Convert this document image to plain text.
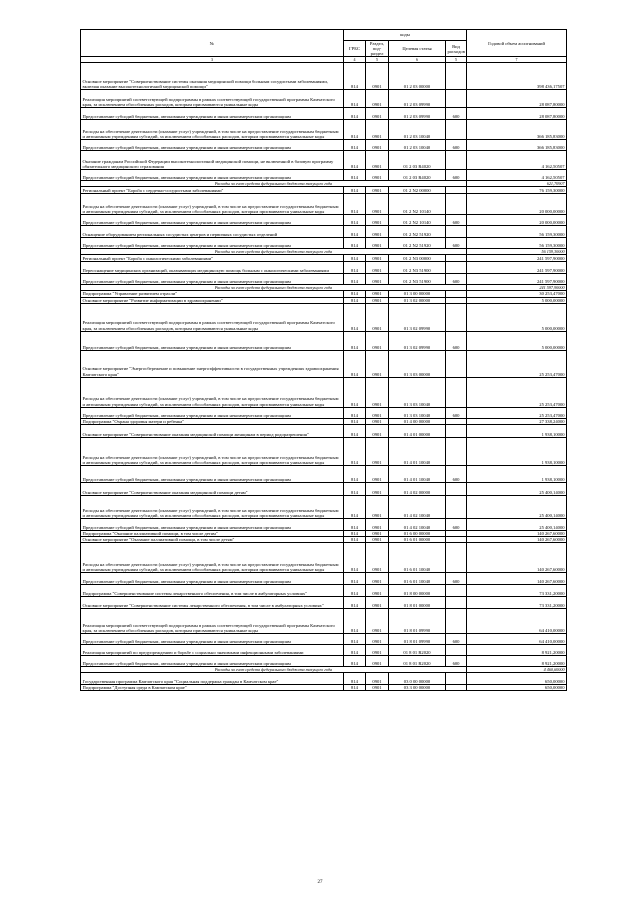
№	коды				Годовой объем ассигнований
	ГРБС	Раздел, под-раздел	Целевая статья	Вид расходов	
3	4	5	6	5	7
Основное мероприятие "Совершенствование системы оказания медицинской помощи больным сосудистыми заболеваниями, включая оказание высокотехнологичной медицинской помощи"	814	0901	01 2 03 00000		398 436,17507
Реализация мероприятий соответствующей подпрограммы в рамках соответствующей государственной программы Камчатского края, за исключением обособленных расходов, которым присваиваются уникальные коды	814	0901	01 2 03 09990		28 087,80000
Предоставление субсидий бюджетным, автономным учреждениям и иным некоммерческим организациям	814	0901	01 2 03 09990	600	28 087,80000
Расходы на обеспечение деятельности (оказание услуг) учреждений, в том числе на предоставление государственным бюджетным и автономным учреждениям субсидий, за исключением обособленных расходов, которым присваиваются уникальные коды	814	0901	01 2 03 10040		366 185,83000
Предоставление субсидий бюджетным, автономным учреждениям и иным некоммерческим организациям	814	0901	01 2 03 10040	600	366 185,83000
Оказание гражданам Российской Федерации высокотехнологичной медицинской помощи, не включенной в базовую программу обязательного медицинского страхования	814	0901	01 2 03 R4020		4 162,50507
Предоставление субсидий бюджетным, автономным учреждениям и иным некоммерческим организациям	814	0901	01 2 03 R4020	600	4 162,50507
Расходы за счет средств федерального бюджета текущего года					621,70907
Региональный проект "Борьба с сердечно-сосудистыми заболеваниями"	814	0901	01 2 N2 00000		76 159,30000
Расходы на обеспечение деятельности (оказание услуг) учреждений, в том числе на предоставление государственным бюджетным и автономным учреждениям субсидий, за исключением обособленных расходов, которым присваиваются уникальные коды	814	0901	01 2 N2 10140		20 000,00000
Предоставление субсидий бюджетным, автономным учреждениям и иным некоммерческим организациям	814	0901	01 2 N2 10140	600	20 000,00000
Оснащение оборудованием региональных сосудистых центров и первичных сосудистых отделений	814	0901	01 2 N2 51920		56 159,30000
Предоставление субсидий бюджетным, автономным учреждениям и иным некоммерческим организациям	814	0901	01 2 N2 51920	600	56 159,30000
Расходы за счет средств федерального бюджета текущего года					56 159,30000
Региональный проект "Борьба с онкологическими заболеваниями"	814	0901	01 2 N3 00000		241 597,90000
Переоснащение медицинских организаций, оказывающих медицинскую помощь больным с онкологическими заболеваниями	814	0901	01 2 N3 51900		241 597,90000
Предоставление субсидий бюджетным, автономным учреждениям и иным некоммерческим организациям	814	0901	01 2 N3 51900	600	241 597,90000
Расходы за счет средств федерального бюджета текущего года					241 597,90000
Подпрограмма "Управление развитием отрасли"	814	0901	01 3 00 00000		30 253,47000
Основное мероприятие "Развитие информатизации в здравоохранении"	814	0901	01 3 02 00000		5 000,00000
Реализация мероприятий соответствующей подпрограммы в рамках соответствующей государственной программы Камчатского края, за исключением обособленных расходов, которым присваиваются уникальные коды	814	0901	01 3 02 09990		5 000,00000
Предоставление субсидий бюджетным, автономным учреждениям и иным некоммерческим организациям	814	0901	01 3 02 09990	600	5 000,00000
Основное мероприятие "Энергосбережение и повышение энергоэффективности в государственных учреждениях здравоохранения Камчатского края"	814	0901	01 3 03 00000		25 253,47000
Расходы на обеспечение деятельности (оказание услуг) учреждений, в том числе на предоставление государственным бюджетным и автономным учреждениям субсидий, за исключением обособленных расходов, которым присваиваются уникальные коды	814	0901	01 3 03 10040		25 253,47000
Предоставление субсидий бюджетным, автономным учреждениям и иным некоммерческим организациям	814	0901	01 3 03 10040	600	25 253,47000
Подпрограмма "Охрана здоровья матери и ребенка"	814	0901	01 4 00 00000		27 338,24000
Основное мероприятие "Совершенствование оказания медицинской помощи женщинам в период родоразрешения"	814	0901	01 4 01 00000		1 938,10000
Расходы на обеспечение деятельности (оказание услуг) учреждений, в том числе на предоставление государственным бюджетным и автономным учреждениям субсидий, за исключением обособленных расходов, которым присваиваются уникальные коды	814	0901	01 4 01 10040		1 938,10000
Предоставление субсидий бюджетным, автономным учреждениям и иным некоммерческим организациям	814	0901	01 4 01 10040	600	1 938,10000
Основное мероприятие "Совершенствование оказания медицинской помощи детям"	814	0901	01 4 02 00000		25 400,14000
Расходы на обеспечение деятельности (оказание услуг) учреждений, в том числе на предоставление государственным бюджетным и автономным учреждениям субсидий, за исключением обособленных расходов, которым присваиваются уникальные коды	814	0901	01 4 02 10040		25 400,14000
Предоставление субсидий бюджетным, автономным учреждениям и иным некоммерческим организациям	814	0901	01 4 02 10040	600	25 400,14000
Подпрограмма "Оказание паллиативной помощи, в том числе детям"	814	0901	01 6 00 00000		140 267,60000
Основное мероприятие "Оказание паллиативной помощи, в том числе детям"	814	0901	01 6 01 00000		140 267,60000
Расходы на обеспечение деятельности (оказание услуг) учреждений, в том числе на предоставление государственным бюджетным и автономным учреждениям субсидий, за исключением обособленных расходов, которым присваиваются уникальные коды	814	0901	01 6 01 10040		140 267,60000
Предоставление субсидий бюджетным, автономным учреждениям и иным некоммерческим организациям	814	0901	01 6 01 10040	600	140 267,60000
Подпрограмма "Совершенствование системы лекарственного обеспечения, в том числе в амбулаторных условиях"	814	0901	01 8 00 00000		73 331,20000
Основное мероприятие "Совершенствование системы лекарственного обеспечения, в том числе в амбулаторных условиях"	814	0901	01 8 01 00000		73 331,20000
Реализация мероприятий соответствующей подпрограммы в рамках соответствующей государственной программы Камчатского края, за исключением обособленных расходов, которым присваиваются уникальные коды	814	0901	01 8 01 09990		64 410,00000
Предоставление субсидий бюджетным, автономным учреждениям и иным некоммерческим организациям	814	0901	01 8 01 09990	600	64 410,00000
Реализация мероприятий по предупреждению и борьбе с социально значимыми инфекционными заболеваниями	814	0901	01 8 01 R2020		8 921,20000
Предоставление субсидий бюджетным, автономным учреждениям и иным некоммерческим организациям	814	0901	01 8 01 R2020	600	8 921,20000
Расходы за счет средств федерального бюджета текущего года					4 460,60000
Государственная программа Камчатского края "Социальная поддержка граждан в Камчатском крае"	814	0901	03 0 00 00000		650,00000
Подпрограмма "Доступная среда в Камчатском крае"	814	0901	03 3 00 00000		650,00000
27
